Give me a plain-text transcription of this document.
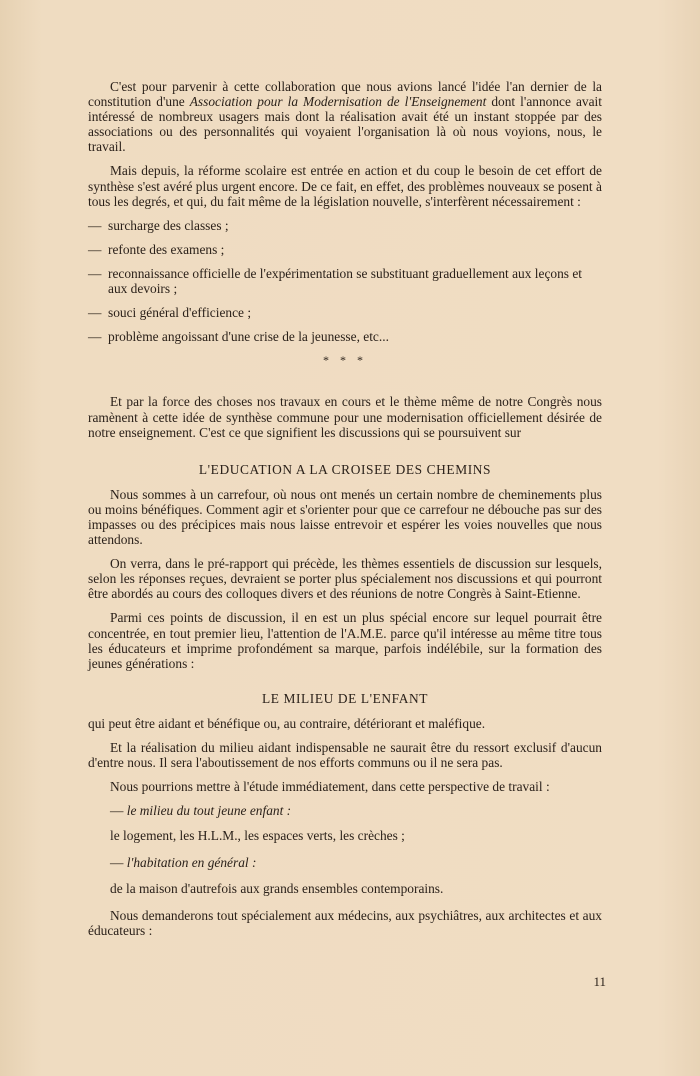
C'est pour parvenir à cette collaboration que nous avions lancé l'idée l'an dernier de la constitution d'une Association pour la Modernisation de l'Enseignement dont l'annonce avait intéressé de nombreux usagers mais dont la réalisation avait été un instant stoppée par des associations ou des personnalités qui voyaient l'organisation là où nous voyions, nous, le travail.

Mais depuis, la réforme scolaire est entrée en action et du coup le besoin de cet effort de synthèse s'est avéré plus urgent encore. De ce fait, en effet, des problèmes nouveaux se posent à tous les degrés, et qui, du fait même de la législation nouvelle, s'interfèrent nécessairement :

— surcharge des classes ;
— refonte des examens ;
— reconnaissance officielle de l'expérimentation se substituant graduellement aux leçons et aux devoirs ;
— souci général d'efficience ;
— problème angoissant d'une crise de la jeunesse, etc...
* * *

Et par la force des choses nos travaux en cours et le thème même de notre Congrès nous ramènent à cette idée de synthèse commune pour une modernisation officiellement désirée de notre enseignement. C'est ce que signifient les discussions qui se poursuivent sur

L'EDUCATION A LA CROISEE DES CHEMINS

Nous sommes à un carrefour, où nous ont menés un certain nombre de cheminements plus ou moins bénéfiques. Comment agir et s'orienter pour que ce carrefour ne débouche pas sur des impasses ou des précipices mais nous laisse entrevoir et espérer les voies nouvelles que nous attendons.

On verra, dans le pré-rapport qui précède, les thèmes essentiels de discussion sur lesquels, selon les réponses reçues, devraient se porter plus spécialement nos discussions et qui pourront être abordés au cours des colloques divers et des réunions de notre Congrès à Saint-Etienne.

Parmi ces points de discussion, il en est un plus spécial encore sur lequel pourrait être concentrée, en tout premier lieu, l'attention de l'A.M.E. parce qu'il intéresse au même titre tous les éducateurs et imprime profondément sa marque, parfois indélébile, sur la formation des jeunes générations :

LE MILIEU DE L'ENFANT

qui peut être aidant et bénéfique ou, au contraire, détériorant et maléfique.

Et la réalisation du milieu aidant indispensable ne saurait être du ressort exclusif d'aucun d'entre nous. Il sera l'aboutissement de nos efforts communs ou il ne sera pas.

Nous pourrions mettre à l'étude immédiatement, dans cette perspective de travail :

— le milieu du tout jeune enfant :

le logement, les H.L.M., les espaces verts, les crèches ;

— l'habitation en général :

de la maison d'autrefois aux grands ensembles contemporains.

Nous demanderons tout spécialement aux médecins, aux psychiâtres, aux architectes et aux éducateurs :

11
